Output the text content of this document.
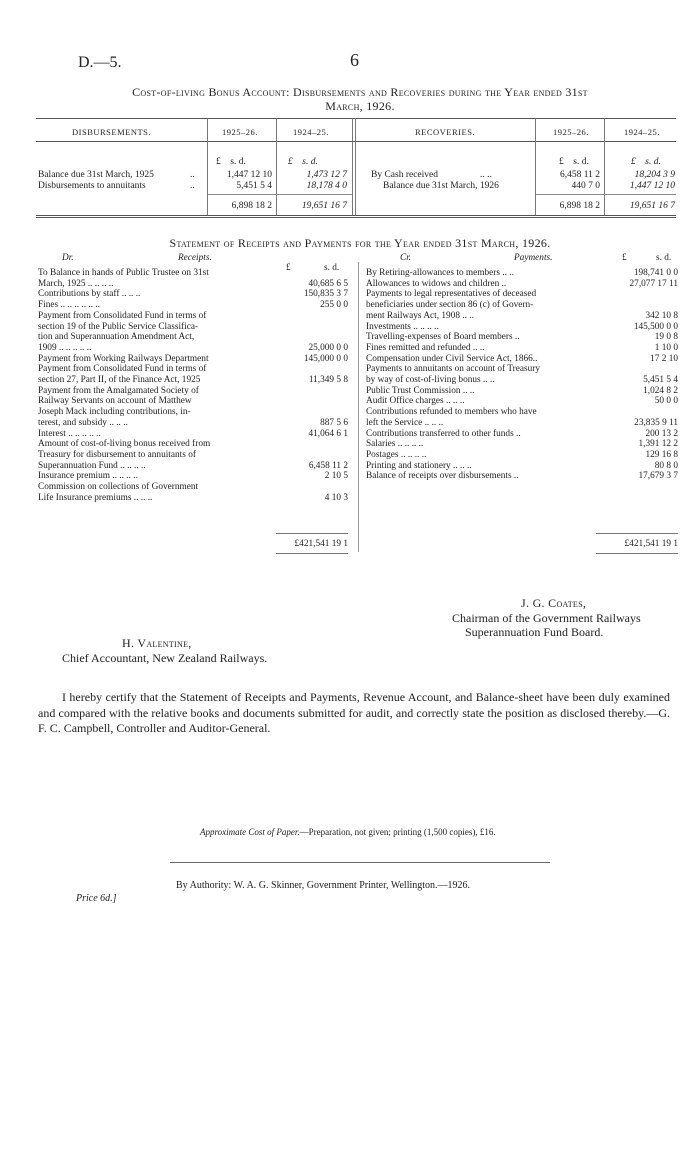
D.—5.	6
Cost-of-living Bonus Account: Disbursements and Recoveries during the Year ended 31st
March, 1926.
DISBURSEMENTS.	1925–26.	1924–25.	RECOVERIES.	1925–26.	1924–25.
£ s. d.	£ s. d.	£ s. d.	£ s. d.
Balance due 31st March, 1925	..	1,447 12 10	1,473 12 7
Disbursements to annuitants	..	5,451 5 4	18,178 4 0
6,898 18 2	19,651 16 7
By Cash received	.. ..	6,458 11 2	18,204 3 9
Balance due 31st March, 1926	440 7 0	1,447 12 10
6,898 18 2	19,651 16 7
Statement of Receipts and Payments for the Year ended 31st March, 1926.
Dr.	Receipts.	Cr.	Payments.
£	s. d.
£	s. d.
To Balance in hands of Public Trustee on 31st
March, 1925 .. .. .. ..	40,685 6 5
Contributions by staff .. .. ..	150,835 3 7
Fines .. .. .. .. .. ..	255 0 0
Payment from Consolidated Fund in terms of
section 19 of the Public Service Classifica-
tion and Superannuation Amendment Act,
1909 .. .. .. .. ..	25,000 0 0
Payment from Working Railways Department	145,000 0 0
Payment from Consolidated Fund in terms of
section 27, Part II, of the Finance Act, 1925	11,349 5 8
Payment from the Amalgamated Society of
Railway Servants on account of Matthew
Joseph Mack including contributions, in-
terest, and subsidy .. .. ..	887 5 6
Interest .. .. .. .. ..	41,064 6 1
Amount of cost-of-living bonus received from
Treasury for disbursement to annuitants of
Superannuation Fund .. .. .. ..	6,458 11 2
Insurance premium .. .. .. ..	2 10 5
Commission on collections of Government
Life Insurance premiums .. .. ..	4 10 3
By Retiring-allowances to members .. ..	198,741 0 0
Allowances to widows and children ..	27,077 17 11
Payments to legal representatives of deceased
beneficiaries under section 86 (c) of Govern-
ment Railways Act, 1908 .. ..	342 10 8
Investments .. .. .. ..	145,500 0 0
Travelling-expenses of Board members ..	19 0 8
Fines remitted and refunded .. ..	1 10 0
Compensation under Civil Service Act, 1866..	17 2 10
Payments to annuitants on account of Treasury
by way of cost-of-living bonus .. ..	5,451 5 4
Public Trust Commission .. ..	1,024 8 2
Audit Office charges .. .. ..	50 0 0
Contributions refunded to members who have
left the Service .. .. ..	23,835 9 11
Contributions transferred to other funds ..	200 13 2
Salaries .. .. .. ..	1,391 12 2
Postages .. .. .. ..	129 16 8
Printing and stationery .. .. ..	80 8 0
Balance of receipts over disbursements ..	17,679 3 7
£421,541 19 1	£421,541 19 1
J. G. Coates,
Chairman of the Government Railways
Superannuation Fund Board.
H. Valentine,
Chief Accountant, New Zealand Railways.
I hereby certify that the Statement of Receipts and Payments, Revenue Account, and Balance-sheet have been duly examined and compared with the relative books and documents submitted for audit, and correctly state the position as disclosed thereby.—G. F. C. Campbell, Controller and Auditor-General.
Approximate Cost of Paper.—Preparation, not given; printing (1,500 copies), £16.
By Authority: W. A. G. Skinner, Government Printer, Wellington.—1926.
Price 6d.]
